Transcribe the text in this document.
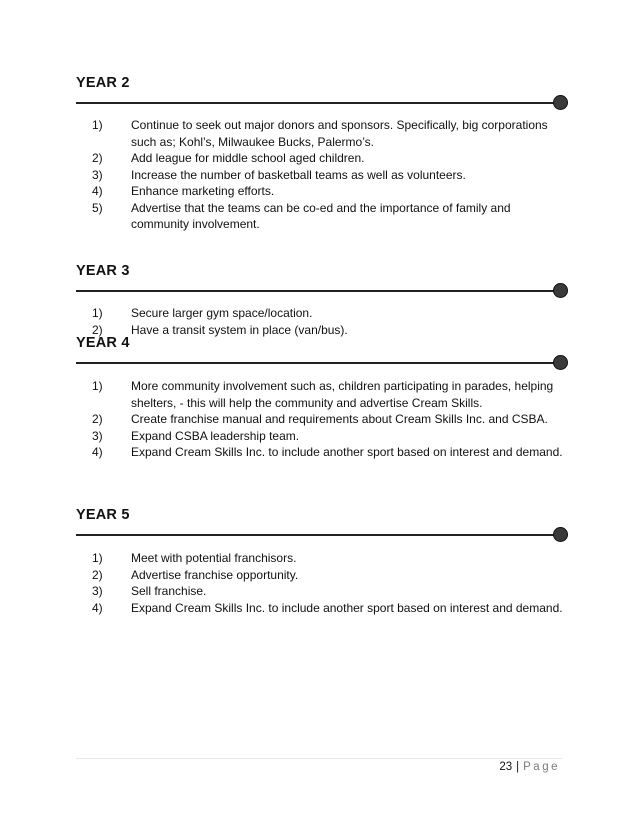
YEAR 2
1) Continue to seek out major donors and sponsors. Specifically, big corporations such as; Kohl’s, Milwaukee Bucks, Palermo’s.
2) Add league for middle school aged children.
3) Increase the number of basketball teams as well as volunteers.
4) Enhance marketing efforts.
5) Advertise that the teams can be co-ed and the importance of family and community involvement.
YEAR 3
1) Secure larger gym space/location.
2) Have a transit system in place (van/bus).
YEAR 4
1) More community involvement such as, children participating in parades, helping shelters, - this will help the community and advertise Cream Skills.
2) Create franchise manual and requirements about Cream Skills Inc. and CSBA.
3) Expand CSBA leadership team.
4) Expand Cream Skills Inc. to include another sport based on interest and demand.
YEAR 5
1) Meet with potential franchisors.
2) Advertise franchise opportunity.
3) Sell franchise.
4) Expand Cream Skills Inc. to include another sport based on interest and demand.
23 | Page
